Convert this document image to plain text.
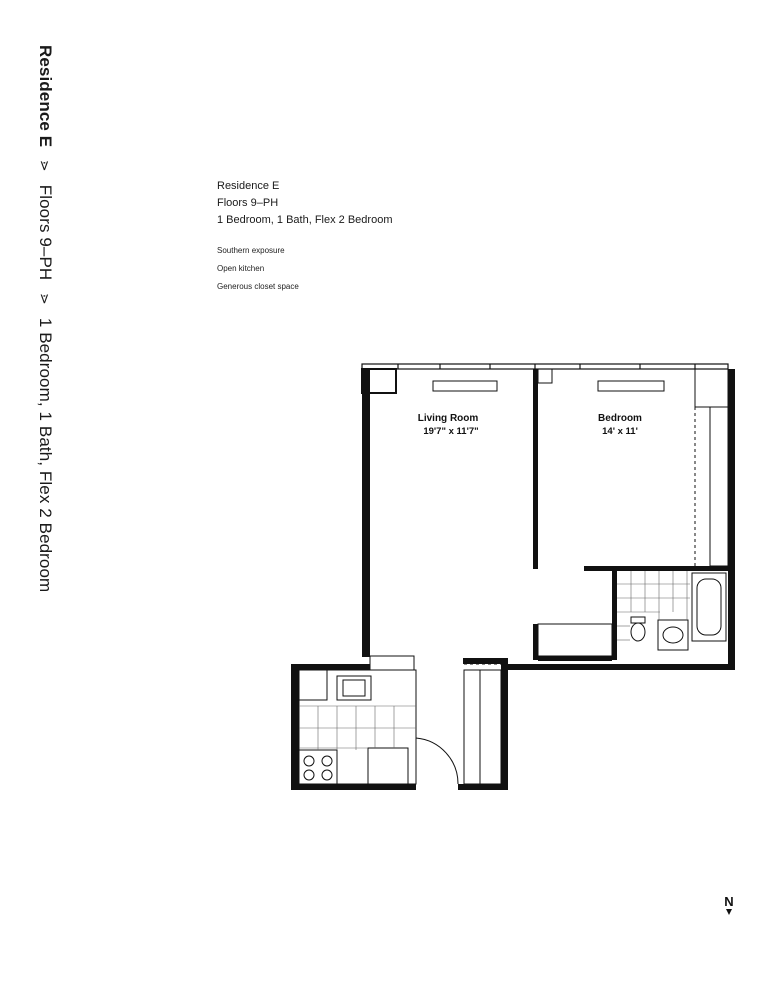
Residence E ⋗ Floors 9–PH ⋗ 1 Bedroom, 1 Bath, Flex 2 Bedroom
Residence E
Floors 9–PH
1 Bedroom, 1 Bath, Flex 2 Bedroom
Southern exposure
Open kitchen
Generous closet space
Living Room
19'7" x 11'7"
Bedroom
14' x 11'
N
